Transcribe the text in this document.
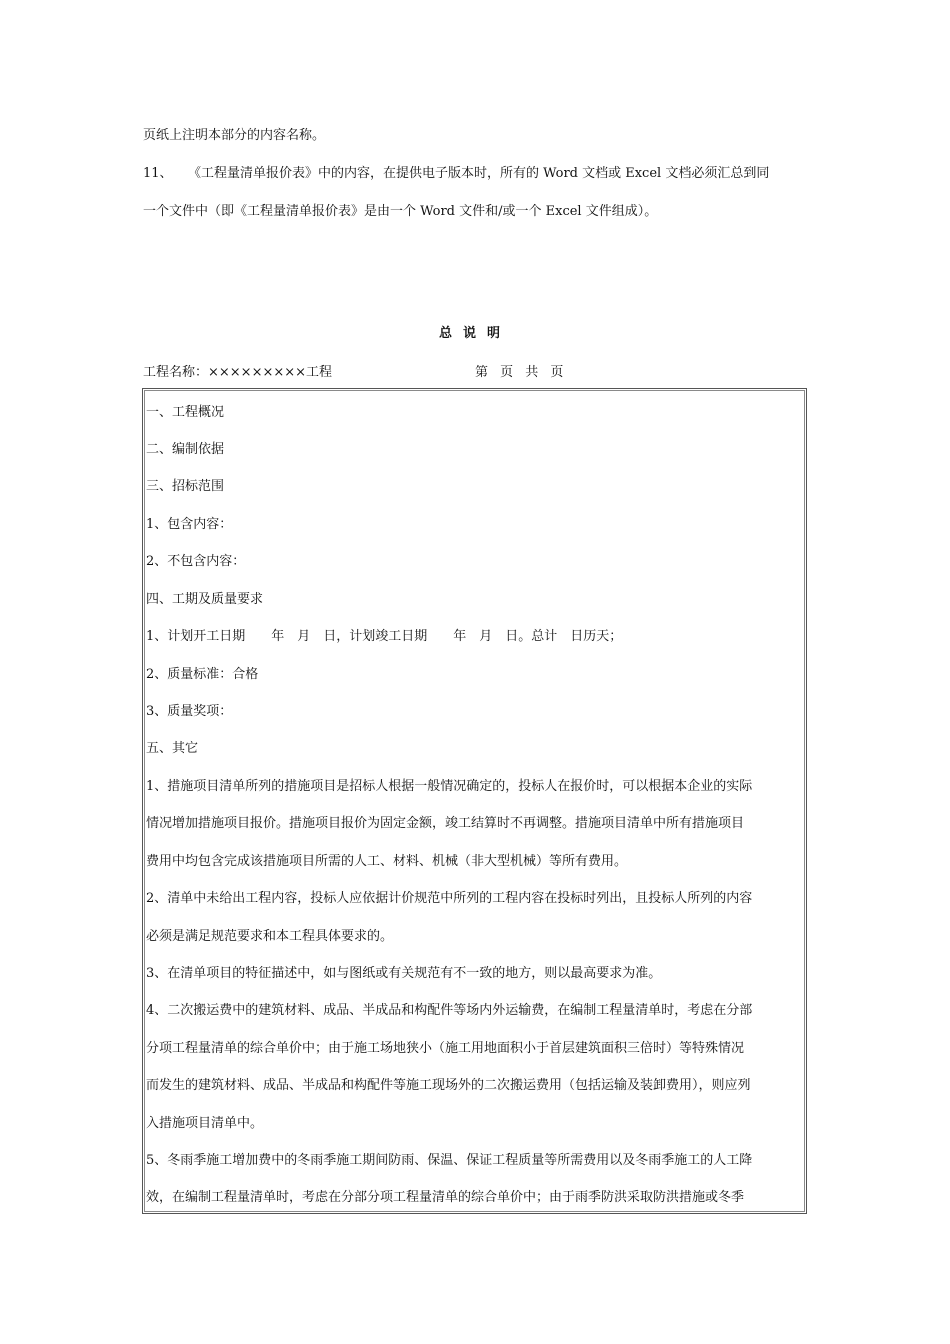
页纸上注明本部分的内容名称。
11、 《工程量清单报价表》中的内容，在提供电子版本时，所有的 Word 文档或 Excel 文档必须汇总到同
一个文件中（即《工程量清单报价表》是由一个 Word 文件和/或一个 Excel 文件组成）。
总说明
工程名称：×××××××××工程	第 页 共 页
一、工程概况
二、编制依据
三、招标范围
1、包含内容：
2、不包含内容：
四、工期及质量要求
1、计划开工日期　　年　月　日，计划竣工日期　　年　月　日。总计　日历天；
2、质量标准：合格
3、质量奖项：
五、其它
1、措施项目清单所列的措施项目是招标人根据一般情况确定的，投标人在报价时，可以根据本企业的实际
情况增加措施项目报价。措施项目报价为固定金额，竣工结算时不再调整。措施项目清单中所有措施项目
费用中均包含完成该措施项目所需的人工、材料、机械（非大型机械）等所有费用。
2、清单中未给出工程内容，投标人应依据计价规范中所列的工程内容在投标时列出，且投标人所列的内容
必须是满足规范要求和本工程具体要求的。
3、在清单项目的特征描述中，如与图纸或有关规范有不一致的地方，则以最高要求为准。
4、二次搬运费中的建筑材料、成品、半成品和构配件等场内外运输费，在编制工程量清单时，考虑在分部
分项工程量清单的综合单价中；由于施工场地狭小（施工用地面积小于首层建筑面积三倍时）等特殊情况
而发生的建筑材料、成品、半成品和构配件等施工现场外的二次搬运费用（包括运输及装卸费用），则应列
入措施项目清单中。
5、冬雨季施工增加费中的冬雨季施工期间防雨、保温、保证工程质量等所需费用以及冬雨季施工的人工降
效，在编制工程量清单时，考虑在分部分项工程量清单的综合单价中；由于雨季防洪采取防洪措施或冬季
